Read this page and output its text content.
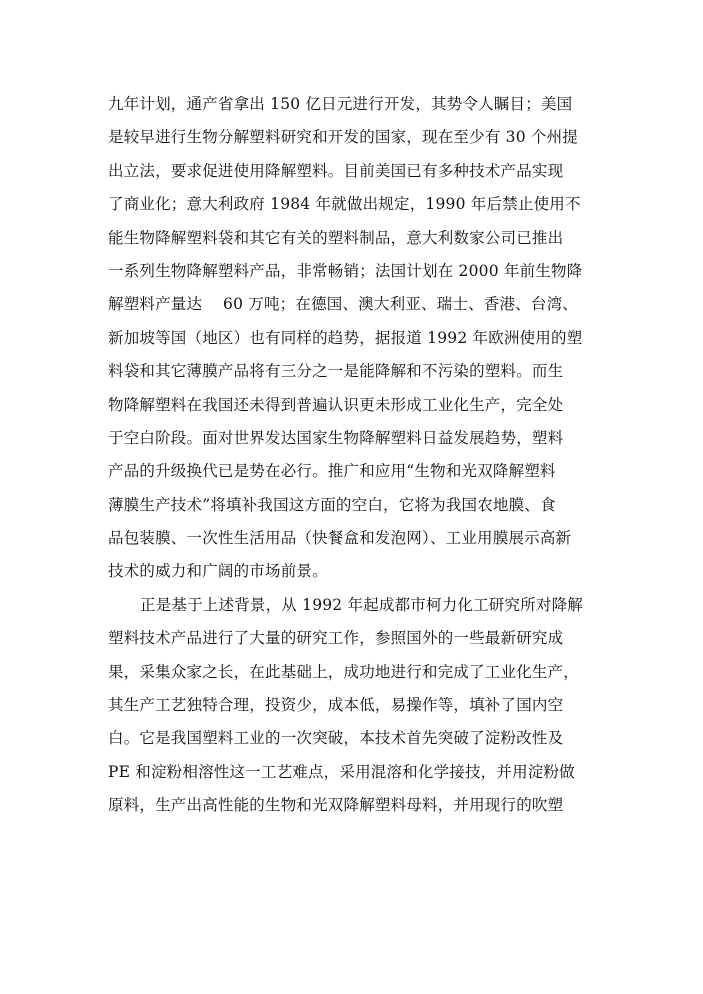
九年计划，通产省拿出 150 亿日元进行开发，其势令人瞩目；美国
是较早进行生物分解塑料研究和开发的国家，现在至少有 30 个州提
出立法，要求促进使用降解塑料。目前美国已有多种技术产品实现
了商业化；意大利政府 1984 年就做出规定，1990 年后禁止使用不
能生物降解塑料袋和其它有关的塑料制品，意大利数家公司已推出
一系列生物降解塑料产品，非常畅销；法国计划在 2000 年前生物降
解塑料产量达　 60 万吨；在德国、澳大利亚、瑞士、香港、台湾、
新加坡等国（地区）也有同样的趋势，据报道 1992 年欧洲使用的塑
料袋和其它薄膜产品将有三分之一是能降解和不污染的塑料。而生
物降解塑料在我国还未得到普遍认识更未形成工业化生产，完全处
于空白阶段。面对世界发达国家生物降解塑料日益发展趋势，塑料
产品的升级换代已是势在必行。推广和应用“生物和光双降解塑料
薄膜生产技术”将填补我国这方面的空白，它将为我国农地膜、食
品包装膜、一次性生活用品（快餐盒和发泡网）、工业用膜展示高新
技术的威力和广阔的市场前景。
正是基于上述背景，从 1992 年起成都市柯力化工研究所对降解
塑料技术产品进行了大量的研究工作，参照国外的一些最新研究成
果，采集众家之长，在此基础上，成功地进行和完成了工业化生产，
其生产工艺独特合理，投资少，成本低，易操作等，填补了国内空
白。它是我国塑料工业的一次突破，本技术首先突破了淀粉改性及
PE 和淀粉相溶性这一工艺难点，采用混溶和化学接技，并用淀粉做
原料，生产出高性能的生物和光双降解塑料母料，并用现行的吹塑
